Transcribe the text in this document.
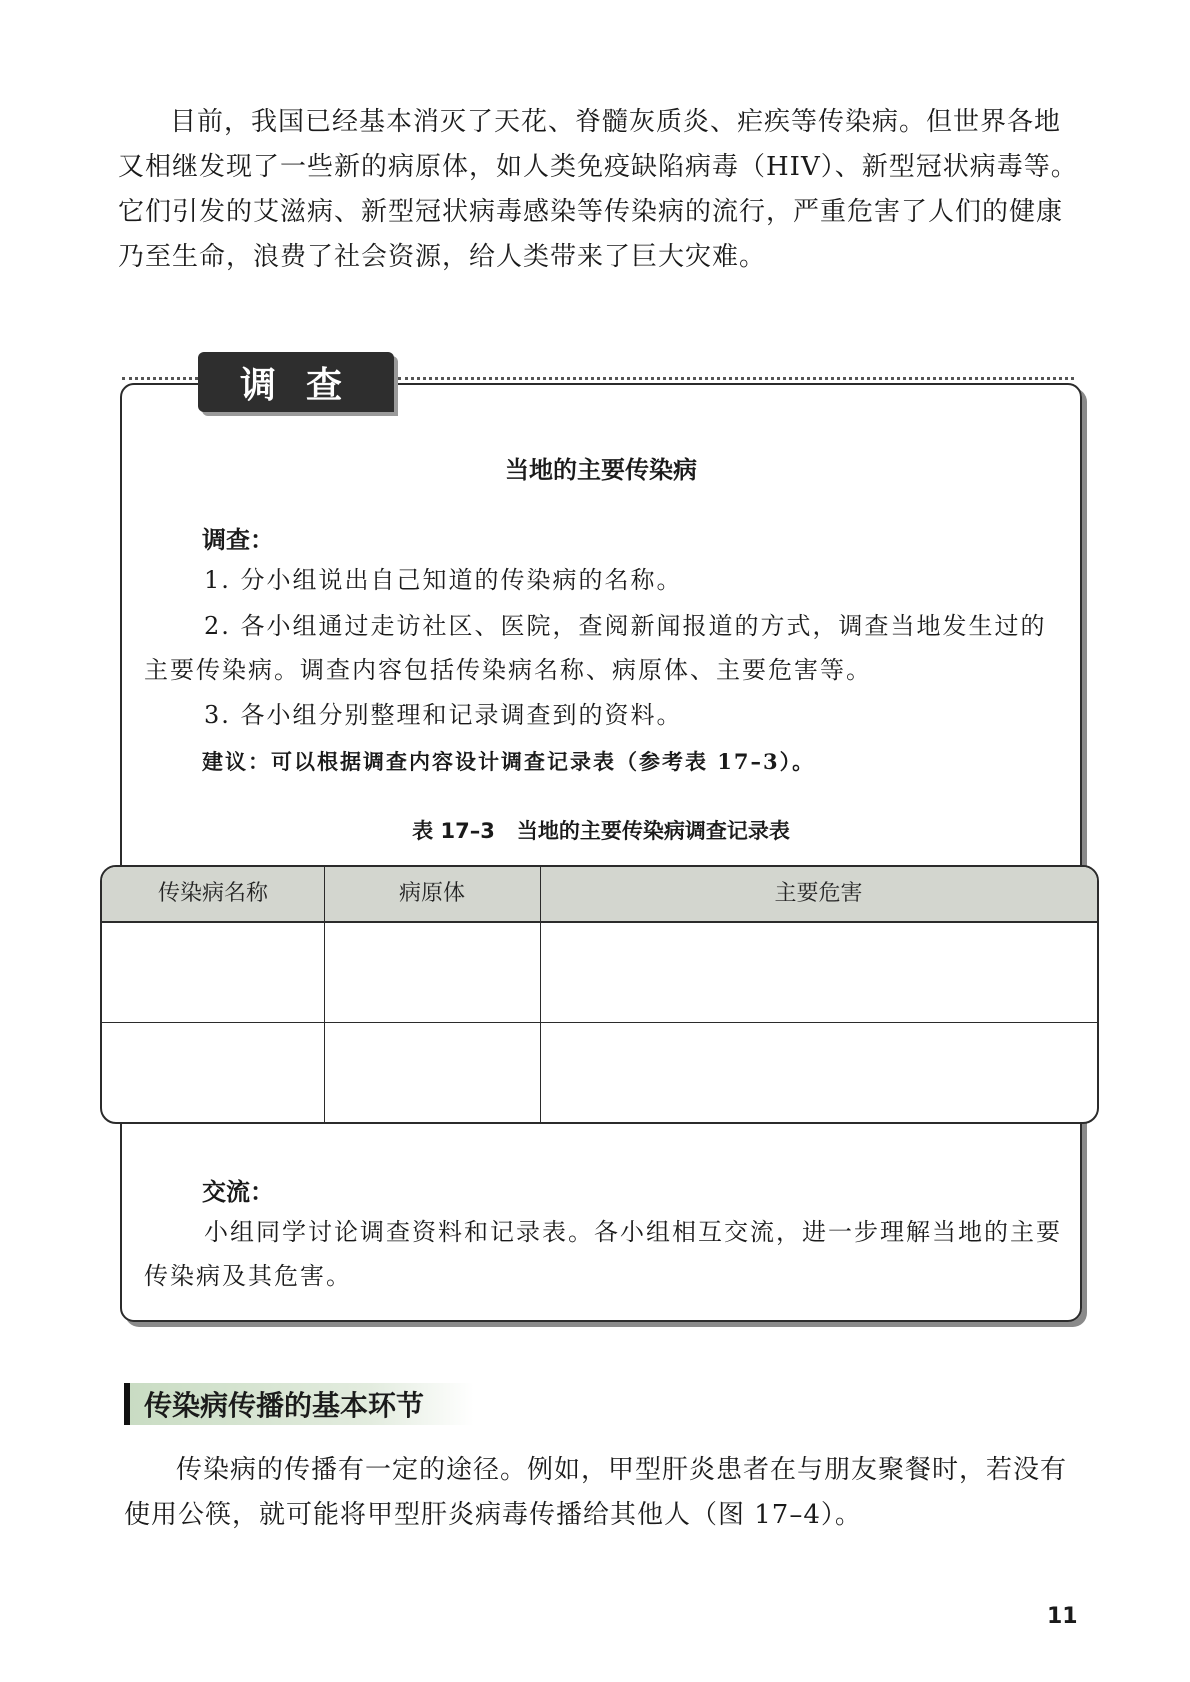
目前，我国已经基本消灭了天花、脊髓灰质炎、疟疾等传染病。但世界各地又相继发现了一些新的病原体，如人类免疫缺陷病毒（HIV）、新型冠状病毒等。它们引发的艾滋病、新型冠状病毒感染等传染病的流行，严重危害了人们的健康乃至生命，浪费了社会资源，给人类带来了巨大灾难。

调查
当地的主要传染病
调查：

1. 分小组说出自己知道的传染病的名称。

2. 各小组通过走访社区、医院，查阅新闻报道的方式，调查当地发生过的主要传染病。调查内容包括传染病名称、病原体、主要危害等。

3. 各小组分别整理和记录调查到的资料。

建议：可以根据调查内容设计调查记录表（参考表 17–3）。
表 17–3 当地的主要传染病调查记录表
传染病名称	病原体	主要危害
交流：

小组同学讨论调查资料和记录表。各小组相互交流，进一步理解当地的主要传染病及其危害。

传染病传播的基本环节

传染病的传播有一定的途径。例如，甲型肝炎患者在与朋友聚餐时，若没有使用公筷，就可能将甲型肝炎病毒传播给其他人（图 17–4）。

11
